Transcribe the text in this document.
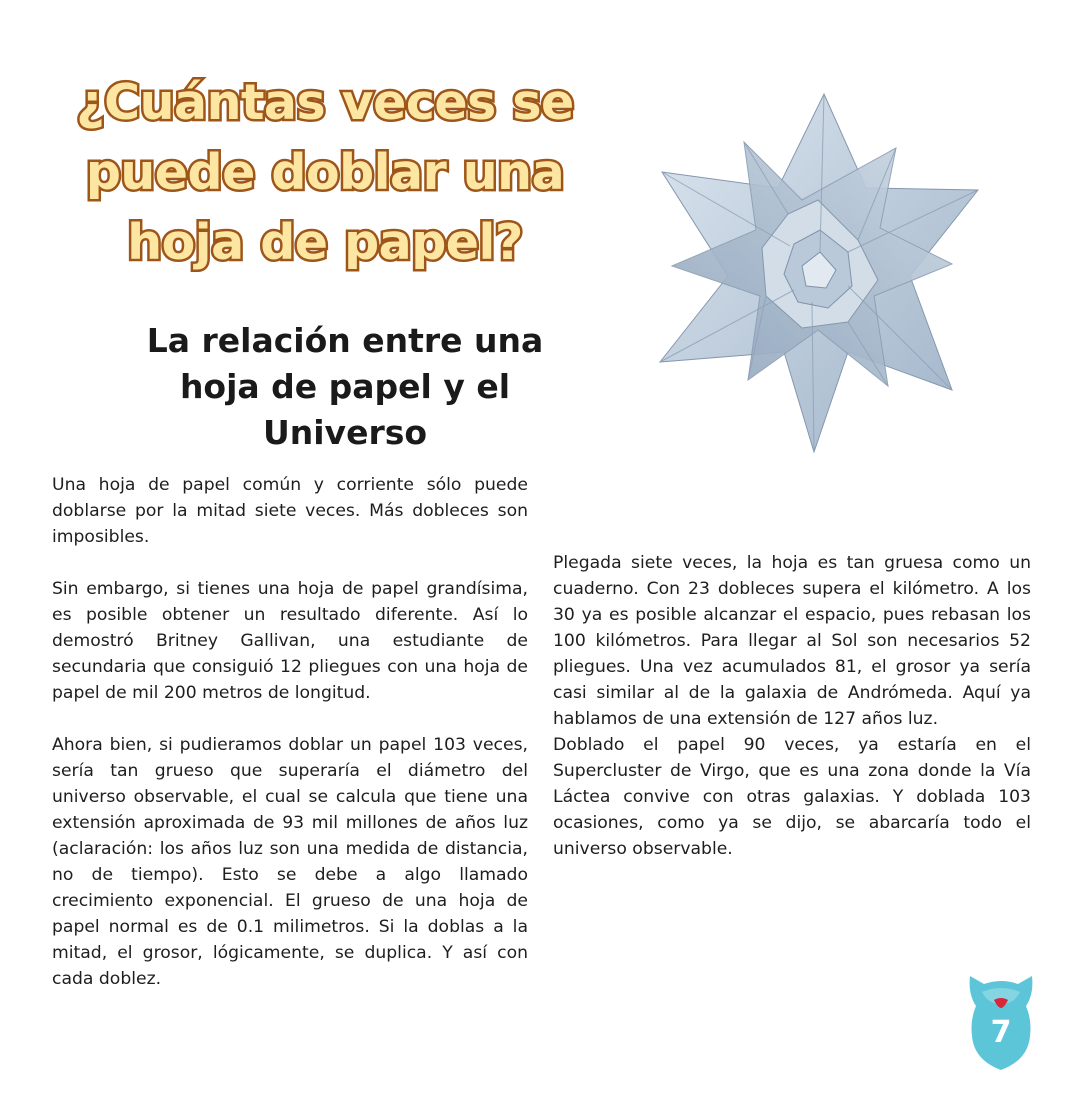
¿Cuántas veces se puede doblar una hoja de papel?
La relación entre una hoja de papel y el Universo

Una hoja de papel común y corriente sólo puede doblarse por la mitad siete veces. Más dobleces son imposibles.

Sin embargo, si tienes una hoja de papel grandísima, es posible obtener un resultado diferente. Así lo demostró Britney Gallivan, una estudiante de secundaria que consiguió 12 pliegues con una hoja de papel de mil 200 metros de longitud.

Ahora bien, si pudieramos doblar un papel 103 veces, sería tan grueso que superaría el diámetro del universo observable, el cual se calcula que tiene una extensión aproximada de 93 mil millones de años luz (aclaración: los años luz son una medida de distancia, no de tiempo). Esto se debe a algo llamado crecimiento exponencial. El grueso de una hoja de papel normal es de 0.1 milimetros. Si la doblas a la mitad, el grosor, lógicamente, se duplica. Y así con cada doblez.

Plegada siete veces, la hoja es tan gruesa como un cuaderno. Con 23 dobleces supera el kilómetro. A los 30 ya es posible alcanzar el espacio, pues rebasan los 100 kilómetros. Para llegar al Sol son necesarios 52 pliegues. Una vez acumulados 81, el grosor ya sería casi similar al de la galaxia de Andrómeda. Aquí ya hablamos de una extensión de 127 años luz.

Doblado el papel 90 veces, ya estaría en el Supercluster de Virgo, que es una zona donde la Vía Láctea convive con otras galaxias. Y doblada 103 ocasiones, como ya se dijo, se abarcaría todo el universo observable.

7
